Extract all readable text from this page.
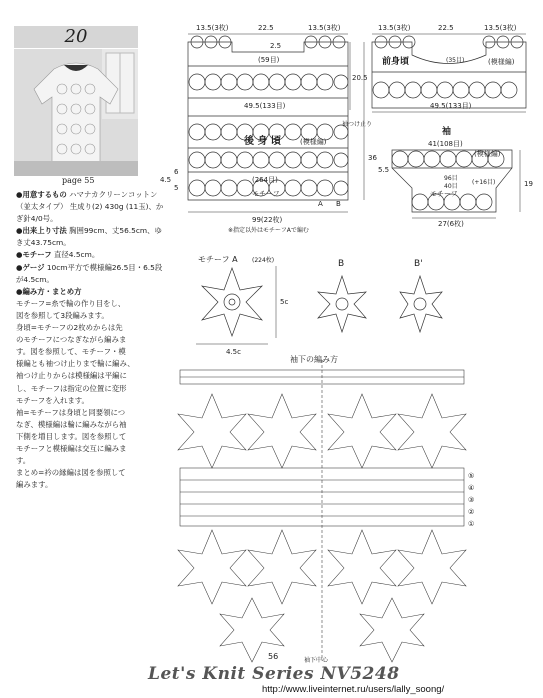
20
page 55

●用意するもの ハマナカクリーンコットン（並太タイプ） 生成り(2) 430g (11玉)、かぎ針4/0号。

●出来上り寸法 胸囲99cm、丈56.5cm、ゆき丈43.75cm。

●モチーフ 直径4.5cm。

●ゲージ 10cm平方で模様編26.5目・6.5段が4.5cm。

●編み方・まとめ方

モチーフ=糸で輪の作り目をし、

図を参照して3段編みます。

身頃=モチーフの2枚めからは先

のモチーフにつなぎながら編みま

す。図を参照して、モチーフ・模

様編とも袖つけ止りまで輪に編み、

袖つけ止りからは模様編は平編に

し、モチーフは指定の位置に変形

モチーフを入れます。

袖=モチーフは身頃と同要領につ

なぎ、模様編は輪に編みながら袖

下側を増目します。図を参照して

モチーフと模様編は交互に編みま

す。

まとめ=衿の縁編は図を参照して

編みます。

13.5(3枚)	22.5	13.5(3枚)
2.5
(59目)
49.5(133目)
後 身 頃	(模様編)
20.5
36
袖つけ止り
(264目)
モチーフ
4.5
6
5
99(22枚)
※指定以外はモチーフAで編む
A B
13.5(3枚)	22.5	13.5(3枚)
前身頃	(模様編)
(35目)
49.5(133目)
袖
41(108目)
(模様編)
96目
40目
(+16目)
5.5
19
27(6枚)
モチーフ
モチーフ A (224枚)	B	B'
5c
4.5c
袖下の編み方
⑤
④
③
②
①
袖下中心
56
Let's Knit Series NV5248
http://www.liveinternet.ru/users/lally_soong/
